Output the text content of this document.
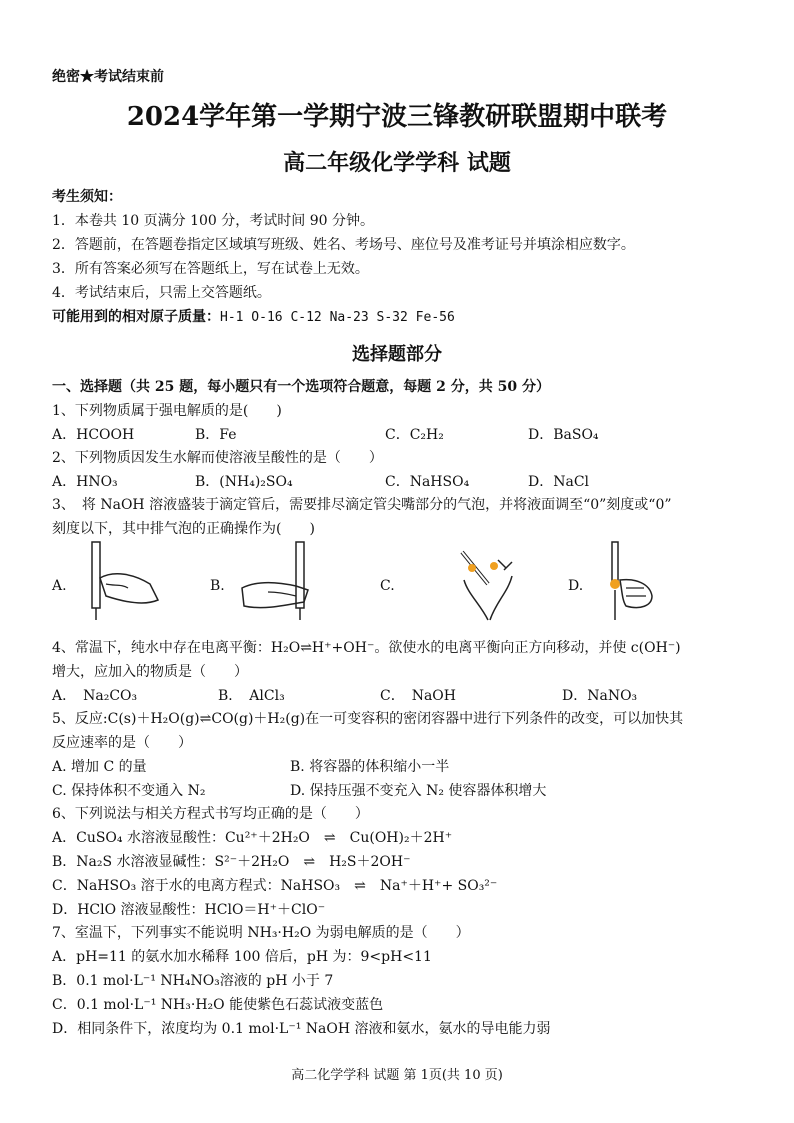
绝密★考试结束前
2024学年第一学期宁波三锋教研联盟期中联考
高二年级化学学科 试题
考生须知：
1．本卷共 10 页满分 100 分，考试时间 90 分钟。
2．答题前，在答题卷指定区域填写班级、姓名、考场号、座位号及准考证号并填涂相应数字。
3．所有答案必须写在答题纸上，写在试卷上无效。
4．考试结束后，只需上交答题纸。
可能用到的相对原子质量：H-1 O-16 C-12 Na-23 S-32 Fe-56
选择题部分
一、选择题（共 25 题，每小题只有一个选项符合题意，每题 2 分，共 50 分）
1、下列物质属于强电解质的是(　　)
A．HCOOH	B．Fe	C．C₂H₂	D．BaSO₄
2、下列物质因发生水解而使溶液呈酸性的是（　　）
A．HNO₃	B．(NH₄)₂SO₄	C．NaHSO₄	D．NaCl
3、　将 NaOH 溶液盛装于滴定管后，需要排尽滴定管尖嘴部分的气泡，并将液面调至“0”刻度或“0”
刻度以下，其中排气泡的正确操作为(　　)
A.	B.	C.	D.
4、常温下，纯水中存在电离平衡：H₂O⇌H⁺+OH⁻。欲使水的电离平衡向正方向移动，并使 c(OH⁻)
增大，应加入的物质是（　　）
A．　Na₂CO₃	B．　AlCl₃	C．　NaOH	D．NaNO₃
5、反应:C(s)＋H₂O(g)⇌CO(g)＋H₂(g)在一可变容积的密闭容器中进行下列条件的改变，可以加快其
反应速率的是（　　）
A. 增加 C 的量	B. 将容器的体积缩小一半
C. 保持体积不变通入 N₂	D. 保持压强不变充入 N₂ 使容器体积增大
6、下列说法与相关方程式书写均正确的是（　　）
A．CuSO₄ 水溶液显酸性：Cu²⁺＋2H₂O　⇌　Cu(OH)₂＋2H⁺
B．Na₂S 水溶液显碱性：S²⁻＋2H₂O　⇌　H₂S＋2OH⁻
C．NaHSO₃ 溶于水的电离方程式：NaHSO₃　⇌　Na⁺＋H⁺+ SO₃²⁻
D．HClO 溶液显酸性：HClO＝H⁺＋ClO⁻
7、室温下，下列事实不能说明 NH₃·H₂O 为弱电解质的是（　　）
A．pH=11 的氨水加水稀释 100 倍后，pH 为：9<pH<11
B．0.1 mol·L⁻¹ NH₄NO₃溶液的 pH 小于 7
C．0.1 mol·L⁻¹ NH₃·H₂O 能使紫色石蕊试液变蓝色
D．相同条件下，浓度均为 0.1 mol·L⁻¹ NaOH 溶液和氨水，氨水的导电能力弱
高二化学学科 试题 第 1页(共 10 页)
